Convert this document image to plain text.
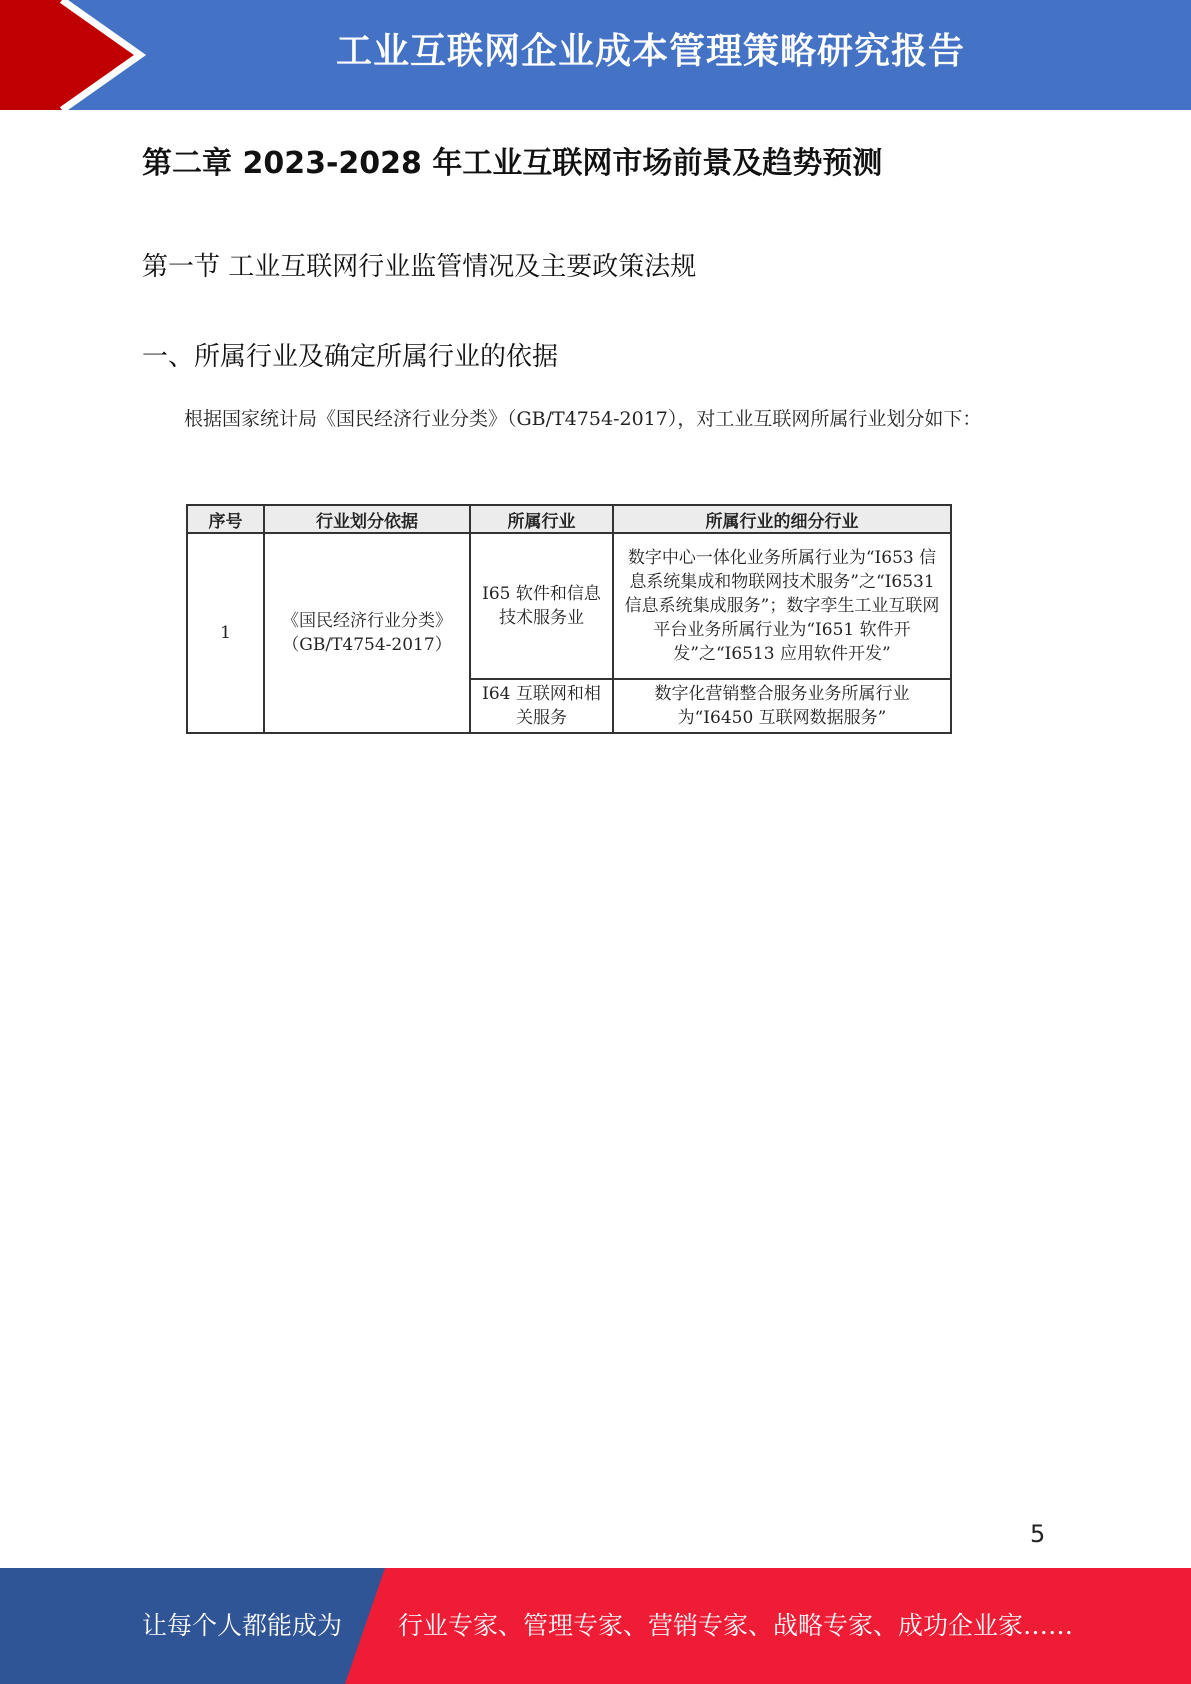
工业互联网企业成本管理策略研究报告
第二章 2023-2028 年工业互联网市场前景及趋势预测
第一节 工业互联网行业监管情况及主要政策法规
一、所属行业及确定所属行业的依据
根据国家统计局《国民经济行业分类》（GB/T4754-2017），对工业互联网所属行业划分如下：
序号	行业划分依据	所属行业	所属行业的细分行业
1	《国民经济行业分类》（GB/T4754-2017）	I65 软件和信息技术服务业	数字中心一体化业务所属行业为“I653 信息系统集成和物联网技术服务”之“I6531 信息系统集成服务”；数字孪生工业互联网平台业务所属行业为“I651 软件开发”之“I6513 应用软件开发”
		I64 互联网和相关服务	数字化营销整合服务业务所属行业为“I6450 互联网数据服务”
5
让每个人都能成为 行业专家、管理专家、营销专家、战略专家、成功企业家……
